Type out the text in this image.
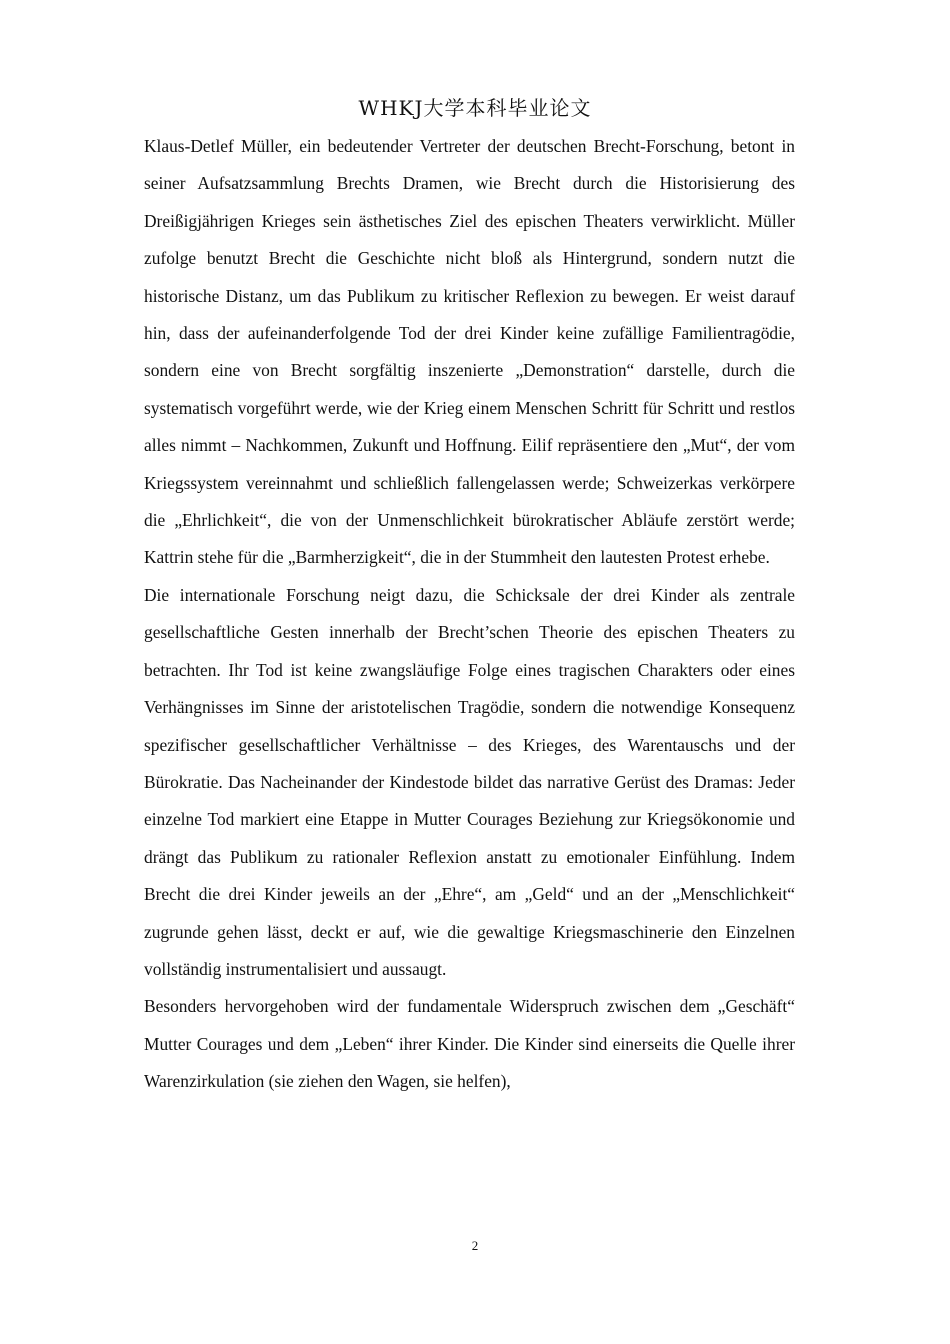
WHKJ大学本科毕业论文

Klaus-Detlef Müller, ein bedeutender Vertreter der deutschen Brecht-Forschung, betont in seiner Aufsatzsammlung Brechts Dramen, wie Brecht durch die Historisierung des Dreißigjährigen Krieges sein ästhetisches Ziel des epischen Theaters verwirklicht. Müller zufolge benutzt Brecht die Geschichte nicht bloß als Hintergrund, sondern nutzt die historische Distanz, um das Publikum zu kritischer Reflexion zu bewegen. Er weist darauf hin, dass der aufeinanderfolgende Tod der drei Kinder keine zufällige Familientragödie, sondern eine von Brecht sorgfältig inszenierte „Demonstration“ darstelle, durch die systematisch vorgeführt werde, wie der Krieg einem Menschen Schritt für Schritt und restlos alles nimmt – Nachkommen, Zukunft und Hoffnung. Eilif repräsentiere den „Mut“, der vom Kriegssystem vereinnahmt und schließlich fallengelassen werde; Schweizerkas verkörpere die „Ehrlichkeit“, die von der Unmenschlichkeit bürokratischer Abläufe zerstört werde; Kattrin stehe für die „Barmherzigkeit“, die in der Stummheit den lautesten Protest erhebe.

Die internationale Forschung neigt dazu, die Schicksale der drei Kinder als zentrale gesellschaftliche Gesten innerhalb der Brecht’schen Theorie des epischen Theaters zu betrachten. Ihr Tod ist keine zwangsläufige Folge eines tragischen Charakters oder eines Verhängnisses im Sinne der aristotelischen Tragödie, sondern die notwendige Konsequenz spezifischer gesellschaftlicher Verhältnisse – des Krieges, des Warentauschs und der Bürokratie. Das Nacheinander der Kindestode bildet das narrative Gerüst des Dramas: Jeder einzelne Tod markiert eine Etappe in Mutter Courages Beziehung zur Kriegsökonomie und drängt das Publikum zu rationaler Reflexion anstatt zu emotionaler Einfühlung. Indem Brecht die drei Kinder jeweils an der „Ehre“, am „Geld“ und an der „Menschlichkeit“ zugrunde gehen lässt, deckt er auf, wie die gewaltige Kriegsmaschinerie den Einzelnen vollständig instrumentalisiert und aussaugt.

Besonders hervorgehoben wird der fundamentale Widerspruch zwischen dem „Geschäft“ Mutter Courages und dem „Leben“ ihrer Kinder. Die Kinder sind einerseits die Quelle ihrer Warenzirkulation (sie ziehen den Wagen, sie helfen),

2
